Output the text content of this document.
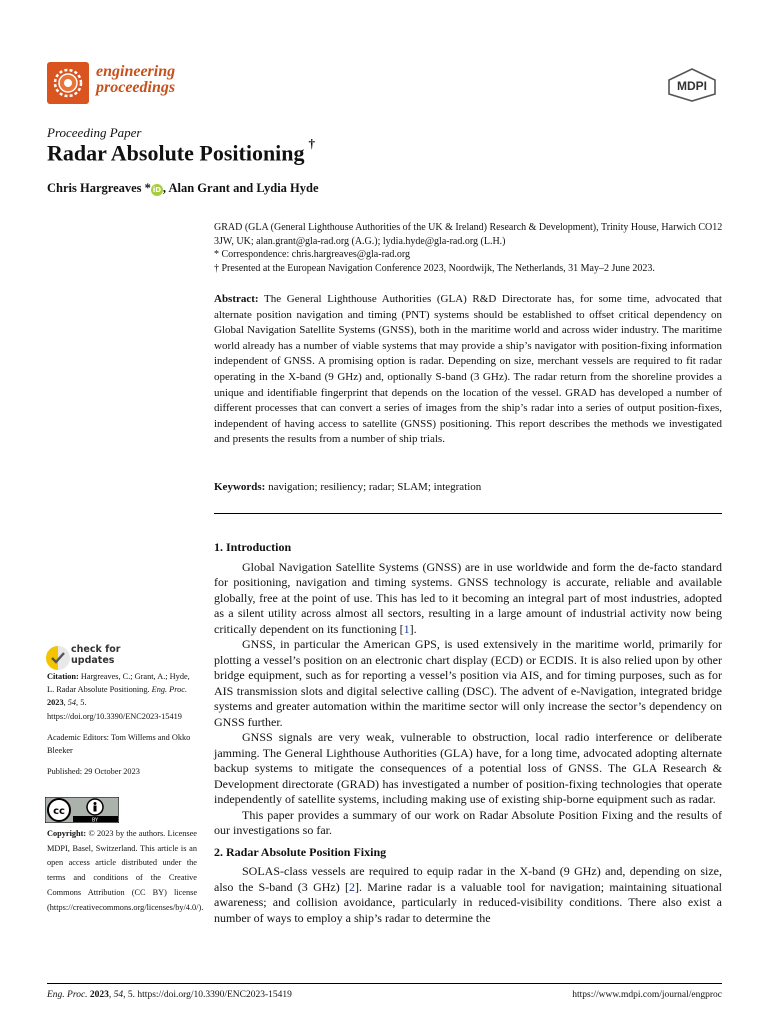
engineering
proceedings	MDPI
Proceeding Paper
Radar Absolute Positioning †
Chris Hargreaves * iD , Alan Grant and Lydia Hyde

GRAD (GLA (General Lighthouse Authorities of the UK & Ireland) Research & Development), Trinity House, Harwich CO12 3JW, UK; alan.grant@gla-rad.org (A.G.); lydia.hyde@gla-rad.org (L.H.)

* Correspondence: chris.hargreaves@gla-rad.org

† Presented at the European Navigation Conference 2023, Noordwijk, The Netherlands, 31 May–2 June 2023.

Abstract: The General Lighthouse Authorities (GLA) R&D Directorate has, for some time, advocated that alternate position navigation and timing (PNT) systems should be established to offset critical dependency on Global Navigation Satellite Systems (GNSS), both in the maritime world and across wider industry. The maritime world already has a number of viable systems that may provide a ship’s navigator with position-fixing information independent of GNSS. A promising option is radar. Depending on size, merchant vessels are required to fit radar operating in the X-band (9 GHz) and, optionally S-band (3 GHz). The radar return from the shoreline provides a unique and identifiable fingerprint that depends on the location of the vessel. GRAD has developed a number of different processes that can convert a series of images from the ship’s radar into a series of output position-fixes, independent of having access to satellite (GNSS) positioning. This report describes the methods we investigated and presents the results from a number of ship trials.

Keywords: navigation; resiliency; radar; SLAM; integration

1. Introduction

Global Navigation Satellite Systems (GNSS) are in use worldwide and form the de-facto standard for positioning, navigation and timing systems. GNSS technology is accurate, reliable and available globally, free at the point of use. This has led to it becoming an integral part of most industries, adopted as a silent utility across almost all sectors, resulting in a large amount of industrial activity now being critically dependent on its functioning [1].

GNSS, in particular the American GPS, is used extensively in the maritime world, primarily for plotting a vessel’s position on an electronic chart display (ECD) or ECDIS. It is also relied upon by other bridge equipment, such as for reporting a vessel’s position via AIS, and for timing purposes, such as for AIS transmission slots and digital selective calling (DSC). The advent of e-Navigation, integrated bridge systems and greater automation within the maritime sector will only increase the sector’s dependency on GNSS further.

GNSS signals are very weak, vulnerable to obstruction, local radio interference or deliberate jamming. The General Lighthouse Authorities (GLA) have, for a long time, advocated adopting alternate backup systems to mitigate the consequences of a potential loss of GNSS. The GLA Research & Development directorate (GRAD) has investigated a number of position-fixing technologies that operate independently of satellite systems, including making use of existing ship-borne equipment such as radar.

This paper provides a summary of our work on Radar Absolute Position Fixing and the results of our investigations so far.

2. Radar Absolute Position Fixing

SOLAS-class vessels are required to equip radar in the X-band (9 GHz) and, depending on size, also the S-band (3 GHz) [2]. Marine radar is a valuable tool for navigation; maintaining situational awareness; and collision avoidance, particularly in reduced-visibility conditions. There also exist a number of ways to employ a ship’s radar to determine the

check for
updates

Citation: Hargreaves, C.; Grant, A.; Hyde, L. Radar Absolute Positioning. Eng. Proc. 2023, 54, 5. https://doi.org/10.3390/ENC2023-15419

Academic Editors: Tom Willems and Okko Bleeker

Published: 29 October 2023

cc
BY

Copyright: © 2023 by the authors. Licensee MDPI, Basel, Switzerland. This article is an open access article distributed under the terms and conditions of the Creative Commons Attribution (CC BY) license (https://creativecommons.org/licenses/by/4.0/).

Eng. Proc. 2023, 54, 5. https://doi.org/10.3390/ENC2023-15419	https://www.mdpi.com/journal/engproc
